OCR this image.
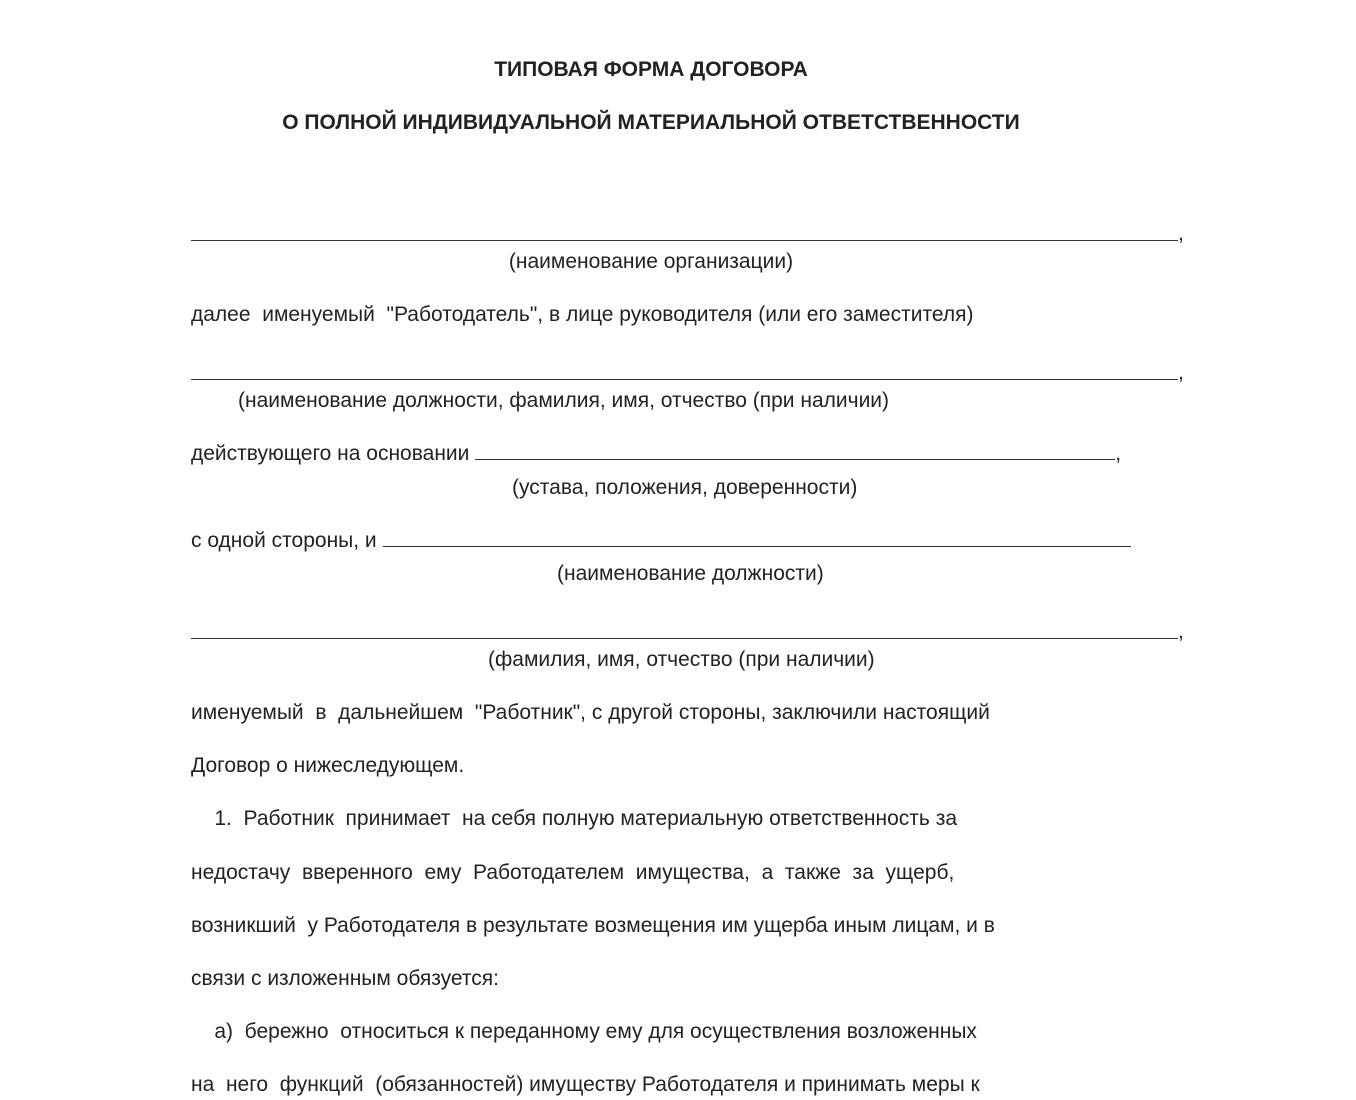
ТИПОВАЯ ФОРМА ДОГОВОРА
О ПОЛНОЙ ИНДИВИДУАЛЬНОЙ МАТЕРИАЛЬНОЙ ОТВЕТСТВЕННОСТИ
,
(наименование организации)
далее  именуемый  "Работодатель", в лице руководителя (или его заместителя)
,
(наименование должности, фамилия, имя, отчество (при наличии)
действующего на основании	,
(устава, положения, доверенности)
с одной стороны, и
(наименование должности)
,
(фамилия, имя, отчество (при наличии)
именуемый  в  дальнейшем  "Работник", с другой стороны, заключили настоящий
Договор о нижеследующем.
1.  Работник  принимает  на себя полную материальную ответственность за
недостачу  вверенного  ему  Работодателем  имущества,  а  также  за  ущерб,
возникший  у Работодателя в результате возмещения им ущерба иным лицам, и в
связи с изложенным обязуется:
а)  бережно  относиться к переданному ему для осуществления возложенных
на  него  функций  (обязанностей) имуществу Работодателя и принимать меры к
